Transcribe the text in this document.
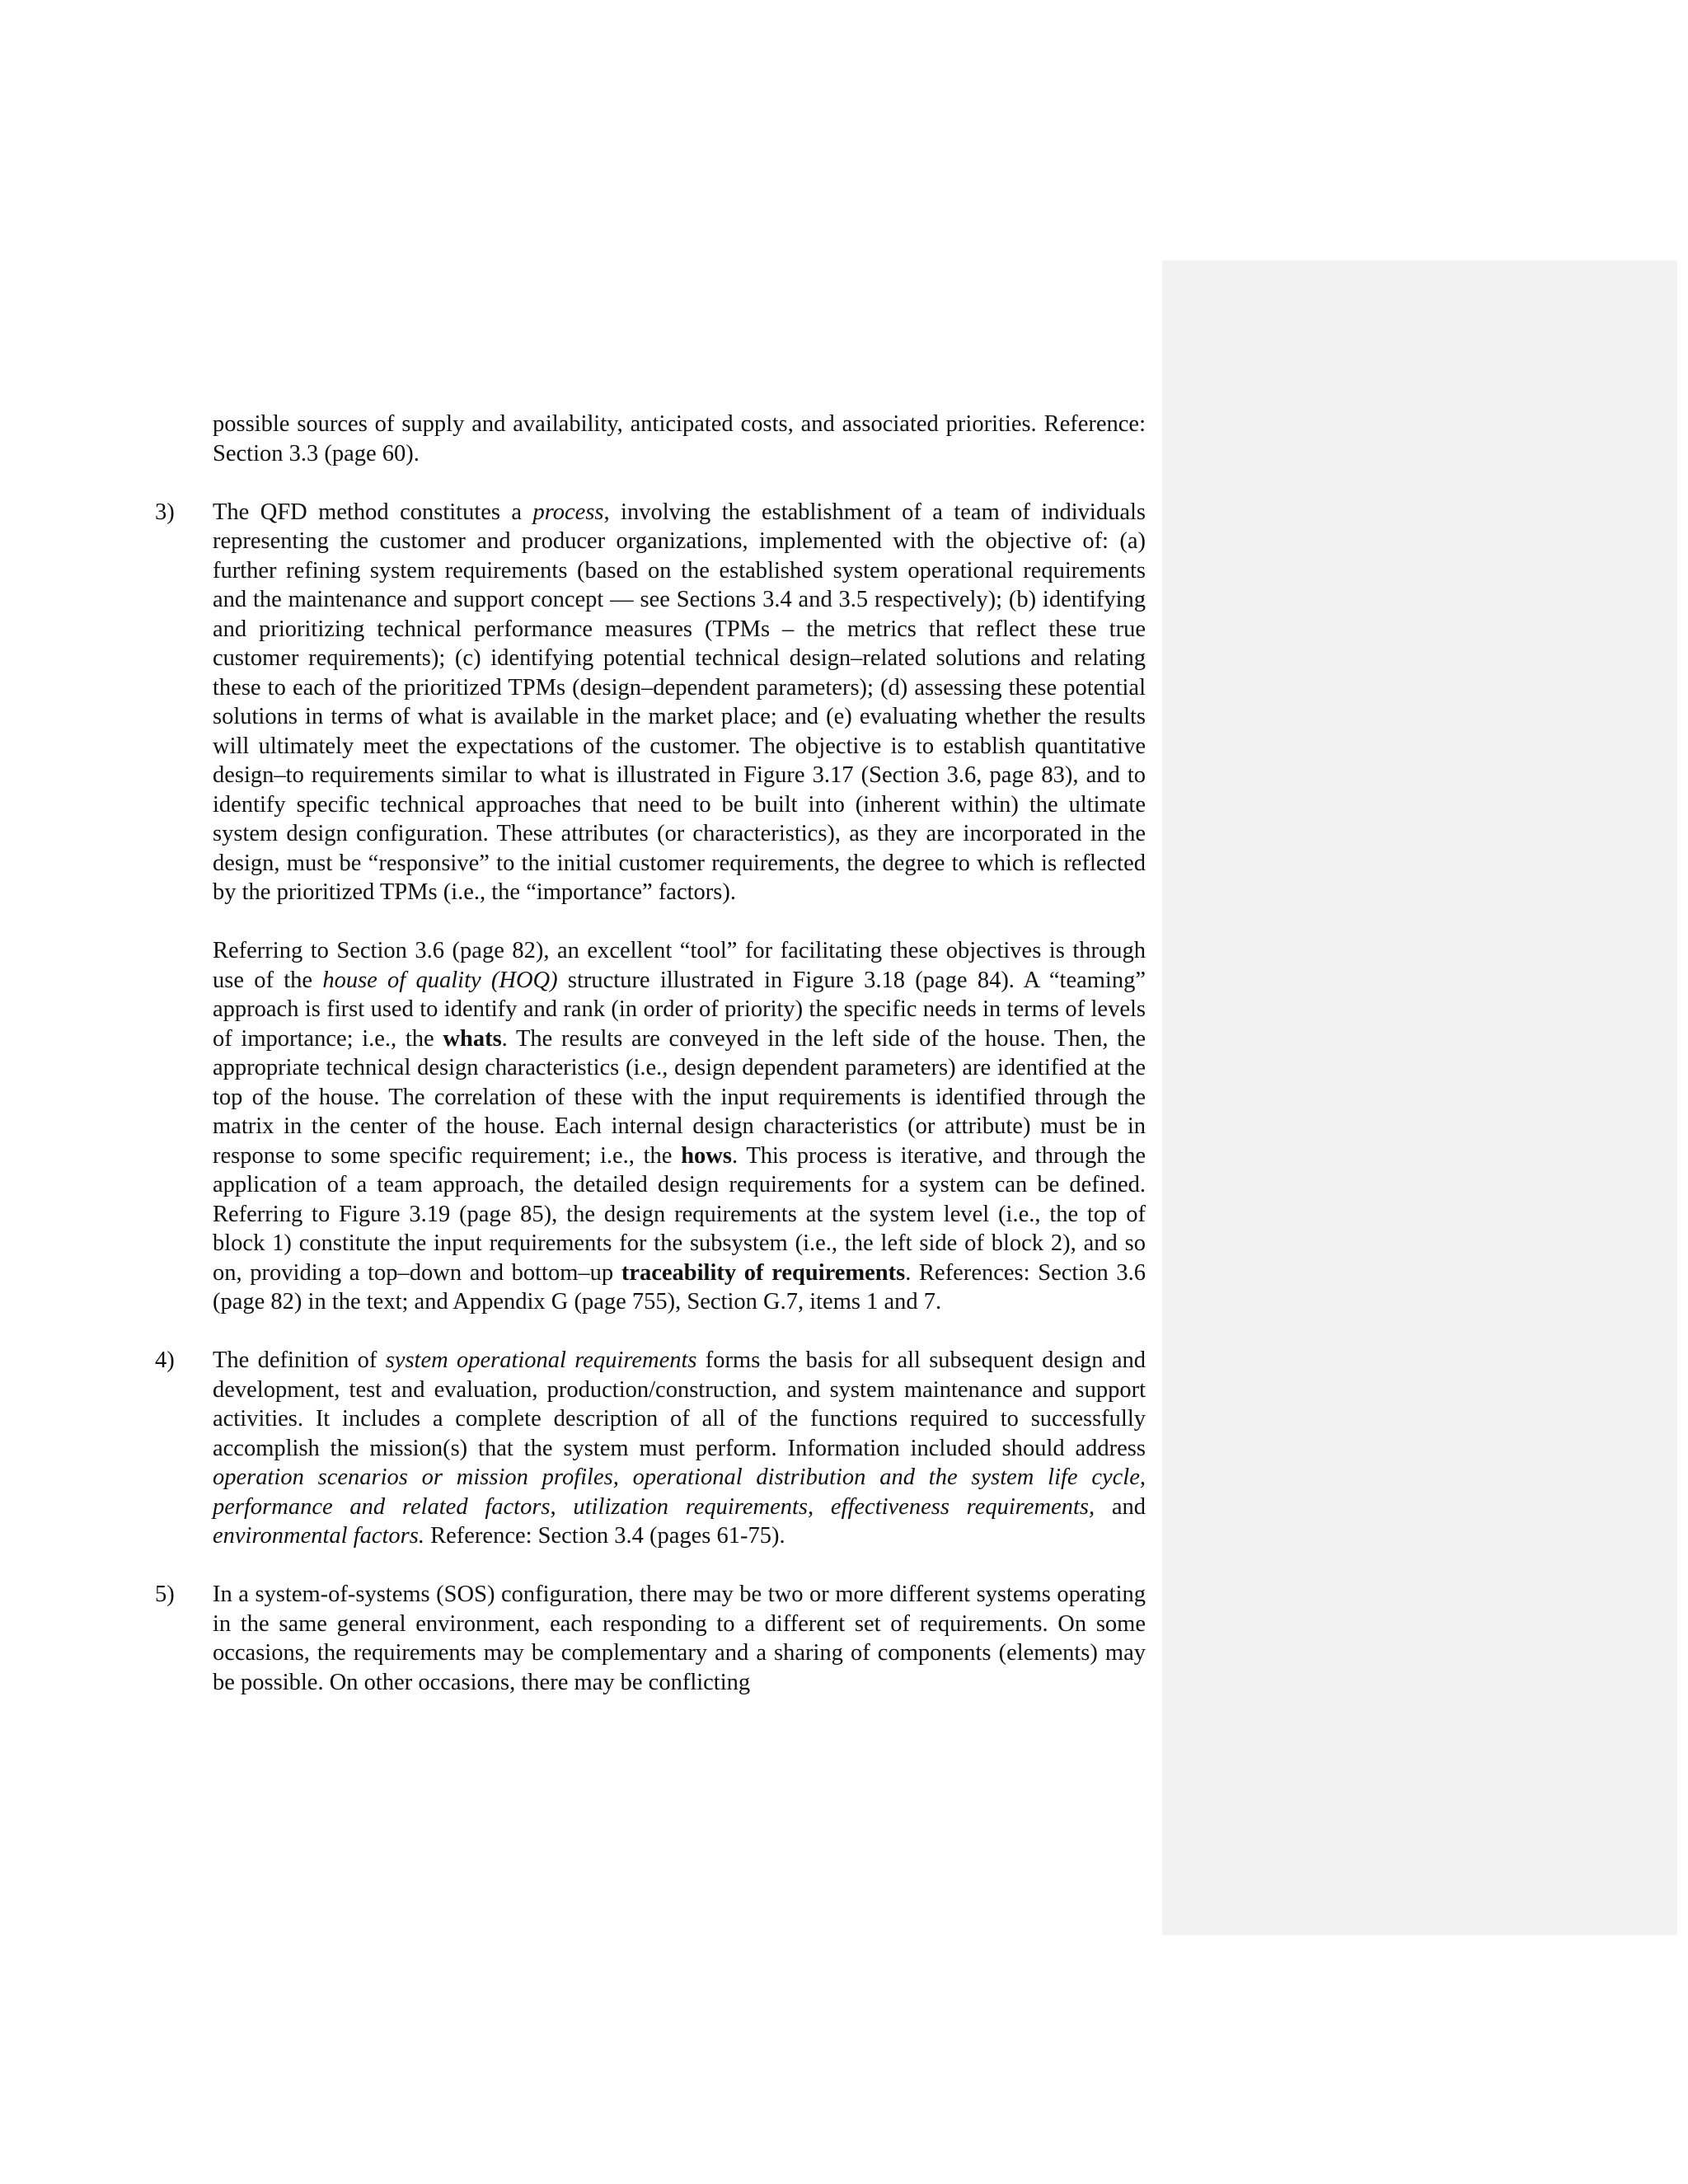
possible sources of supply and availability, anticipated costs, and associated priorities. Reference: Section 3.3 (page 60).

3) The QFD method constitutes a process, involving the establishment of a team of individuals representing the customer and producer organizations, implemented with the objective of: (a) further refining system requirements (based on the established system operational requirements and the maintenance and support concept — see Sections 3.4 and 3.5 respectively); (b) identifying and prioritizing technical performance measures (TPMs – the metrics that reflect these true customer requirements); (c) identifying potential technical design–related solutions and relating these to each of the prioritized TPMs (design–dependent parameters); (d) assessing these potential solutions in terms of what is available in the market place; and (e) evaluating whether the results will ultimately meet the expectations of the customer. The objective is to establish quantitative design–to requirements similar to what is illustrated in Figure 3.17 (Section 3.6, page 83), and to identify specific technical approaches that need to be built into (inherent within) the ultimate system design configuration. These attributes (or characteristics), as they are incorporated in the design, must be “responsive” to the initial customer requirements, the degree to which is reflected by the prioritized TPMs (i.e., the “importance” factors).

Referring to Section 3.6 (page 82), an excellent “tool” for facilitating these objectives is through use of the house of quality (HOQ) structure illustrated in Figure 3.18 (page 84). A “teaming” approach is first used to identify and rank (in order of priority) the specific needs in terms of levels of importance; i.e., the whats. The results are conveyed in the left side of the house. Then, the appropriate technical design characteristics (i.e., design dependent parameters) are identified at the top of the house. The correlation of these with the input requirements is identified through the matrix in the center of the house. Each internal design characteristics (or attribute) must be in response to some specific requirement; i.e., the hows. This process is iterative, and through the application of a team approach, the detailed design requirements for a system can be defined. Referring to Figure 3.19 (page 85), the design requirements at the system level (i.e., the top of block 1) constitute the input requirements for the subsystem (i.e., the left side of block 2), and so on, providing a top–down and bottom–up traceability of requirements. References: Section 3.6 (page 82) in the text; and Appendix G (page 755), Section G.7, items 1 and 7.

4) The definition of system operational requirements forms the basis for all subsequent design and development, test and evaluation, production/construction, and system maintenance and support activities. It includes a complete description of all of the functions required to successfully accomplish the mission(s) that the system must perform. Information included should address operation scenarios or mission profiles, operational distribution and the system life cycle, performance and related factors, utilization requirements, effectiveness requirements, and environmental factors. Reference: Section 3.4 (pages 61-75).

5) In a system-of-systems (SOS) configuration, there may be two or more different systems operating in the same general environment, each responding to a different set of requirements. On some occasions, the requirements may be complementary and a sharing of components (elements) may be possible. On other occasions, there may be conflicting
